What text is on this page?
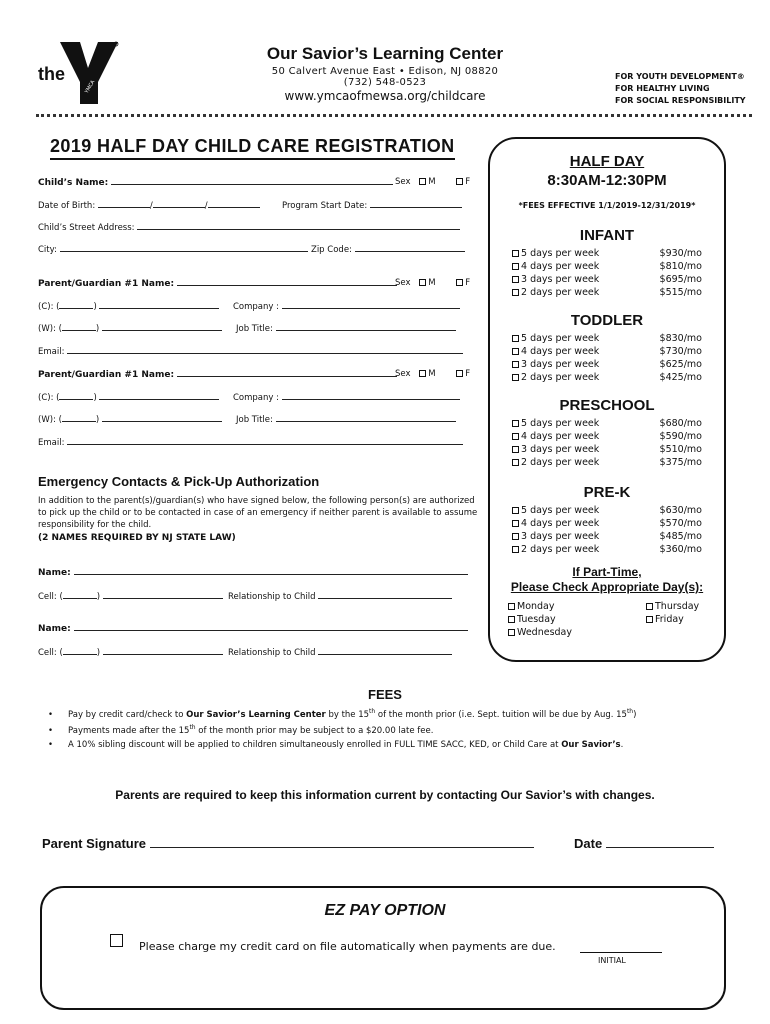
the
YMCA
Our Savior’s Learning Center
50 Calvert Avenue East • Edison, NJ 08820
(732) 548-0523
www.ymcaofmewsa.org/childcare
FOR YOUTH DEVELOPMENT®
FOR HEALTHY LIVING
FOR SOCIAL RESPONSIBILITY
2019 HALF DAY CHILD CARE REGISTRATION
Child’s Name:	Sex M	F
Date of Birth:	/	/	Program Start Date:
Child’s Street Address:
City:	Zip Code:
Parent/Guardian #1 Name:	Sex M	F
(C): (	)	Company :
(W): (	)	Job Title:
Email:
Parent/Guardian #1 Name:	Sex M	F
(C): (	)	Company :
(W): (	)	Job Title:
Email:
Emergency Contacts & Pick-Up Authorization
In addition to the parent(s)/guardian(s) who have signed below, the following person(s) are authorized to pick up the child or to be contacted in case of an emergency if neither parent is available to assume responsibility for the child.
(2 NAMES REQUIRED BY NJ STATE LAW)
Name:
Cell: (	)	Relationship to Child
Name:
Cell: (	)	Relationship to Child
HALF DAY
8:30AM-12:30PM
*FEES EFFECTIVE 1/1/2019-12/31/2019*
INFANT
5 days per week	$930/mo
4 days per week	$810/mo
3 days per week	$695/mo
2 days per week	$515/mo
TODDLER
5 days per week	$830/mo
4 days per week	$730/mo
3 days per week	$625/mo
2 days per week	$425/mo
PRESCHOOL
5 days per week	$680/mo
4 days per week	$590/mo
3 days per week	$510/mo
2 days per week	$375/mo
PRE-K
5 days per week	$630/mo
4 days per week	$570/mo
3 days per week	$485/mo
2 days per week	$360/mo
If Part-Time,
Please Check Appropriate Day(s):
Monday
Tuesday
Wednesday
Thursday
Friday
FEES
• Pay by credit card/check to Our Savior’s Learning Center by the 15th of the month prior (i.e. Sept. tuition will be due by Aug. 15th)
• Payments made after the 15th of the month prior may be subject to a $20.00 late fee.
• A 10% sibling discount will be applied to children simultaneously enrolled in FULL TIME SACC, KED, or Child Care at Our Savior’s.
Parents are required to keep this information current by contacting Our Savior’s with changes.
Parent Signature	Date
EZ PAY OPTION
Please charge my credit card on file automatically when payments are due.
INITIAL
